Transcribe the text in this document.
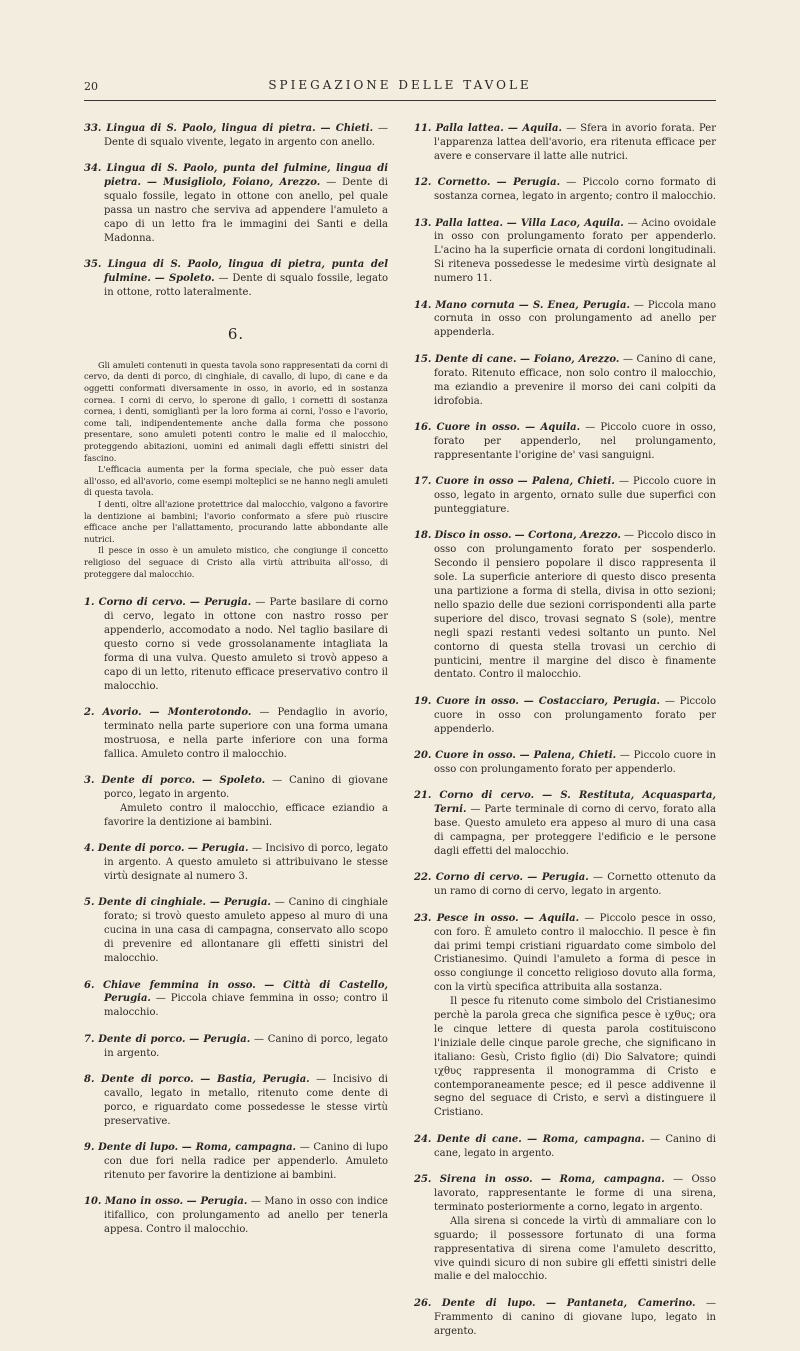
20	SPIEGAZIONE DELLE TAVOLE

33. Lingua di S. Paolo, lingua di pietra. — Chieti. — Dente di squalo vivente, legato in argento con anello.

34. Lingua di S. Paolo, punta del fulmine, lingua di pietra. — Musigliolo, Foiano, Arezzo. — Dente di squalo fossile, legato in ottone con anello, pel quale passa un nastro che serviva ad appendere l'amuleto a capo di un letto fra le immagini dei Santi e della Madonna.

35. Lingua di S. Paolo, lingua di pietra, punta del fulmine. — Spoleto. — Dente di squalo fossile, legato in ottone, rotto lateralmente.

6.

Gli amuleti contenuti in questa tavola sono rappresentati da corni di cervo, da denti di porco, di cinghiale, di cavallo, di lupo, di cane e da oggetti conformati diversamente in osso, in avorio, ed in sostanza cornea. I corni di cervo, lo sperone di gallo, i cornetti di sostanza cornea, i denti, somigliantì per la loro forma ai corni, l'osso e l'avorio, come tali, indipendentemente anche dalla forma che possono presentare, sono amuleti potenti contro le malie ed il malocchio, proteggendo abitazioni, uomini ed animali dagli effetti sinistri del fascino.

L'efficacia aumenta per la forma speciale, che può esser data all'osso, ed all'avorio, come esempi molteplici se ne hanno negli amuleti di questa tavola.

I denti, oltre all'azione protettrice dal malocchio, valgono a favorire la dentizione ai bambini; l'avorio conformato a sfere può riuscire efficace anche per l'allattamento, procurando latte abbondante alle nutrici.

Il pesce in osso è un amuleto mistico, che congiunge il concetto religioso del seguace di Cristo alla virtù attribuita all'osso, di proteggere dal malocchio.

1. Corno di cervo. — Perugia. — Parte basilare di corno di cervo, legato in ottone con nastro rosso per appenderlo, accomodato a nodo. Nel taglio basilare di questo corno si vede grossolanamente intagliata la forma di una vulva. Questo amuleto si trovò appeso a capo di un letto, ritenuto efficace preservativo contro il malocchio.

2. Avorio. — Monterotondo. — Pendaglio in avorio, terminato nella parte superiore con una forma umana mostruosa, e nella parte inferiore con una forma fallica. Amuleto contro il malocchio.

3. Dente di porco. — Spoleto. — Canino di giovane porco, legato in argento.
Amuleto contro il malocchio, efficace eziandio a favorire la dentizione ai bambini.

4. Dente di porco. — Perugia. — Incisivo di porco, legato in argento. A questo amuleto si attribuivano le stesse virtù designate al numero 3.

5. Dente di cinghiale. — Perugia. — Canino di cinghiale forato; si trovò questo amuleto appeso al muro di una cucina in una casa di campagna, conservato allo scopo di prevenire ed allontanare gli effetti sinistri del malocchio.

6. Chiave femmina in osso. — Città di Castello, Perugia. — Piccola chiave femmina in osso; contro il malocchio.

7. Dente di porco. — Perugia. — Canino di porco, legato in argento.

8. Dente di porco. — Bastia, Perugia. — Incisivo di cavallo, legato in metallo, ritenuto come dente di porco, e riguardato come possedesse le stesse virtù preservative.

9. Dente di lupo. — Roma, campagna. — Canino di lupo con due fori nella radice per appenderlo. Amuleto ritenuto per favorire la dentizione ai bambini.

10. Mano in osso. — Perugia. — Mano in osso con indice itifallico, con prolungamento ad anello per tenerla appesa. Contro il malocchio.

11. Palla lattea. — Aquila. — Sfera in avorio forata. Per l'apparenza lattea dell'avorio, era ritenuta efficace per avere e conservare il latte alle nutrici.

12. Cornetto. — Perugia. — Piccolo corno formato di sostanza cornea, legato in argento; contro il malocchio.

13. Palla lattea. — Villa Laco, Aquila. — Acino ovoidale in osso con prolungamento forato per appenderlo. L'acino ha la superficie ornata di cordoni longitudinali. Si riteneva possedesse le medesime virtù designate al numero 11.

14. Mano cornuta — S. Enea, Perugia. — Piccola mano cornuta in osso con prolungamento ad anello per appenderla.

15. Dente di cane. — Foiano, Arezzo. — Canino di cane, forato. Ritenuto efficace, non solo contro il malocchio, ma eziandio a prevenire il morso dei cani colpiti da idrofobia.

16. Cuore in osso. — Aquila. — Piccolo cuore in osso, forato per appenderlo, nel prolungamento, rappresentante l'origine de' vasi sanguigni.

17. Cuore in osso — Palena, Chieti. — Piccolo cuore in osso, legato in argento, ornato sulle due superfici con punteggiature.

18. Disco in osso. — Cortona, Arezzo. — Piccolo disco in osso con prolungamento forato per sospenderlo. Secondo il pensiero popolare il disco rappresenta il sole. La superficie anteriore di questo disco presenta una partizione a forma di stella, divisa in otto sezioni; nello spazio delle due sezioni corrispondenti alla parte superiore del disco, trovasi segnato S (sole), mentre negli spazi restanti vedesi soltanto un punto. Nel contorno di questa stella trovasi un cerchio di punticini, mentre il margine del disco è finamente dentato. Contro il malocchio.

19. Cuore in osso. — Costacciaro, Perugia. — Piccolo cuore in osso con prolungamento forato per appenderlo.

20. Cuore in osso. — Palena, Chieti. — Piccolo cuore in osso con prolungamento forato per appenderlo.

21. Corno di cervo. — S. Restituta, Acquasparta, Terni. — Parte terminale di corno di cervo, forato alla base. Questo amuleto era appeso al muro di una casa di campagna, per proteggere l'edificio e le persone dagli effetti del malocchio.

22. Corno di cervo. — Perugia. — Cornetto ottenuto da un ramo di corno di cervo, legato in argento.

23. Pesce in osso. — Aquila. — Piccolo pesce in osso, con foro. È amuleto contro il malocchio. Il pesce è fin dai primi tempi cristiani riguardato come simbolo del Cristianesimo. Quindi l'amuleto a forma di pesce in osso congiunge il concetto religioso dovuto alla forma, con la virtù specifica attribuita alla sostanza.
Il pesce fu ritenuto come simbolo del Cristianesimo perchè la parola greca che significa pesce è ιχθυς; ora le cinque lettere di questa parola costituiscono l'iniziale delle cinque parole greche, che significano in italiano: Gesù, Cristo figlio (di) Dio Salvatore; quindi ιχθυς rappresenta il monogramma di Cristo e contemporaneamente pesce; ed il pesce addivenne il segno del seguace di Cristo, e servì a distinguere il Cristiano.

24. Dente di cane. — Roma, campagna. — Canino di cane, legato in argento.

25. Sirena in osso. — Roma, campagna. — Osso lavorato, rappresentante le forme di una sirena, terminato posteriormente a corno, legato in argento.
Alla sirena si concede la virtù di ammaliare con lo sguardo; il possessore fortunato di una forma rappresentativa di sirena come l'amuleto descritto, vive quindi sicuro di non subire gli effetti sinistri delle malie e del malocchio.

26. Dente di lupo. — Pantaneta, Camerino. — Frammento di canino di giovane lupo, legato in argento.
